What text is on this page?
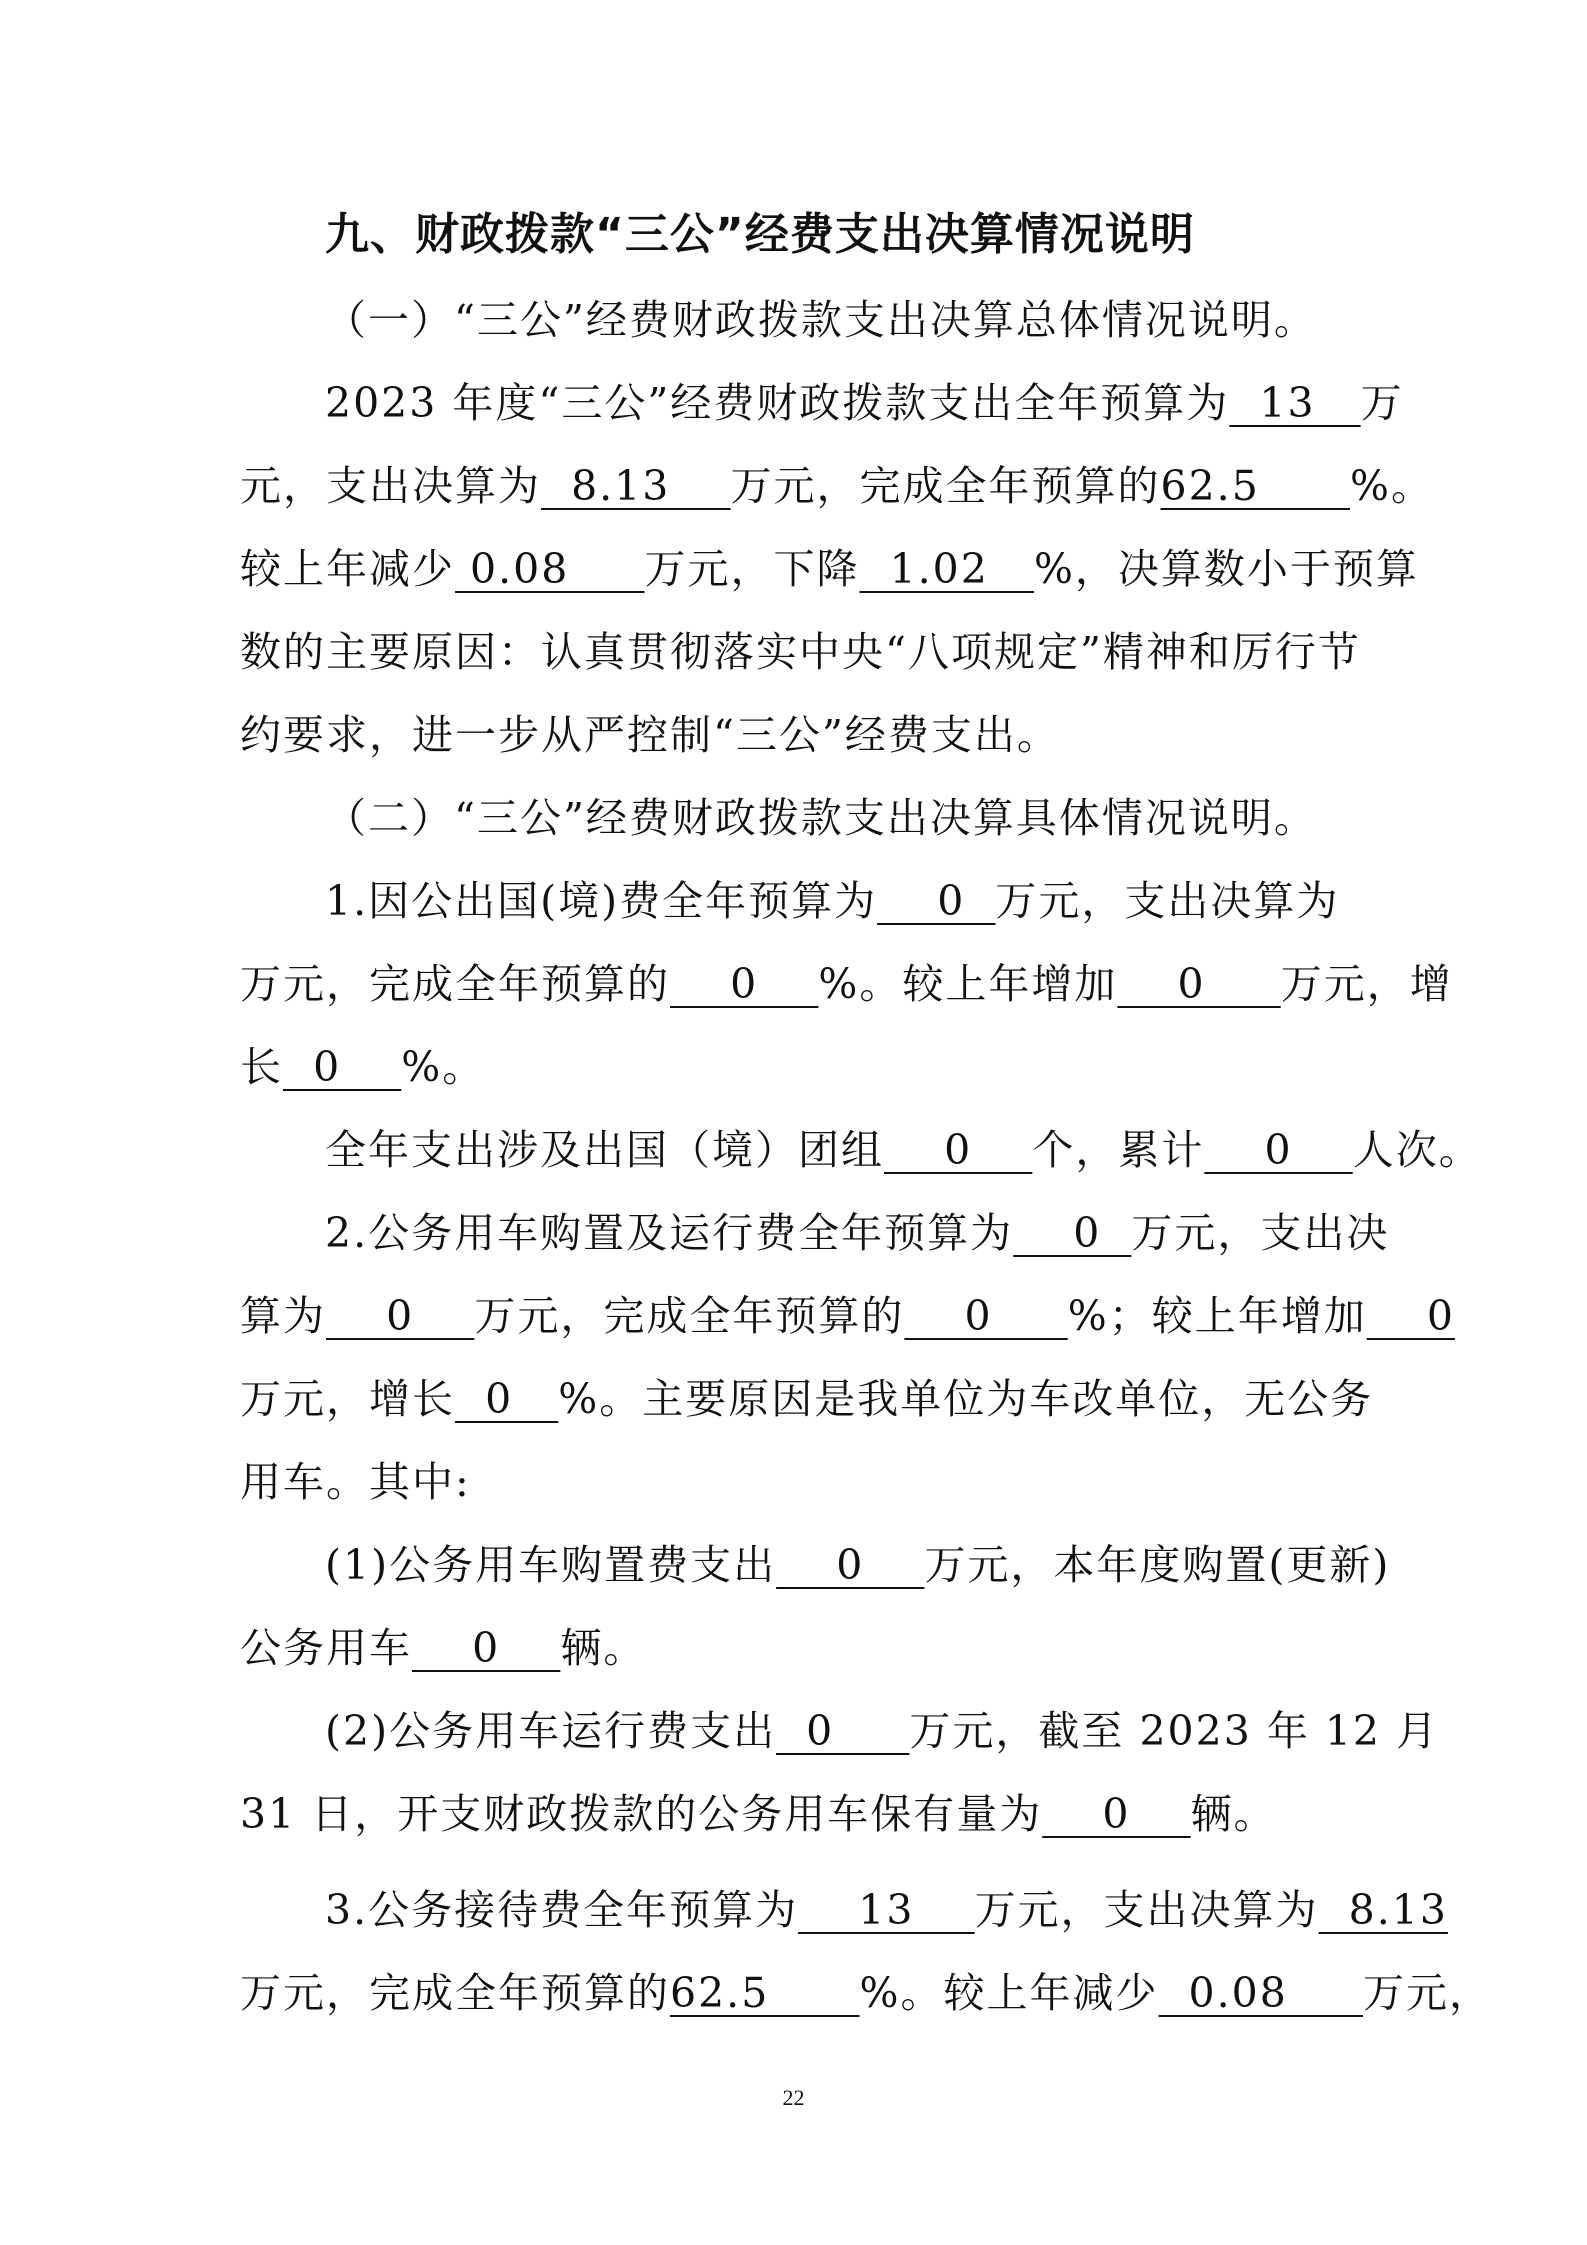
九、财政拨款“三公”经费支出决算情况说明
（一）“三公”经费财政拨款支出决算总体情况说明。
2023 年度“三公”经费财政拨款支出全年预算为  13   万
元，支出决算为  8.13    万元，完成全年预算的62.5      %。
较上年减少 0.08     万元，下降  1.02   %，决算数小于预算
数的主要原因：认真贯彻落实中央“八项规定”精神和厉行节
约要求，进一步从严控制“三公”经费支出。
（二）“三公”经费财政拨款支出决算具体情况说明。
1.因公出国(境)费全年预算为    0  万元，支出决算为
万元，完成全年预算的    0    %。较上年增加    0     万元，增
长  0    %。
全年支出涉及出国（境）团组    0    个，累计    0    人次。
2.公务用车购置及运行费全年预算为    0  万元，支出决
算为    0    万元，完成全年预算的    0     %；较上年增加    0
万元，增长  0   %。主要原因是我单位为车改单位，无公务
用车。其中:
(1)公务用车购置费支出    0    万元，本年度购置(更新)
公务用车    0    辆。
(2)公务用车运行费支出  0     万元，截至 2023 年 12 月
31 日，开支财政拨款的公务用车保有量为    0    辆。
3.公务接待费全年预算为    13    万元，支出决算为  8.13
万元，完成全年预算的62.5      %。较上年减少  0.08     万元，
22
